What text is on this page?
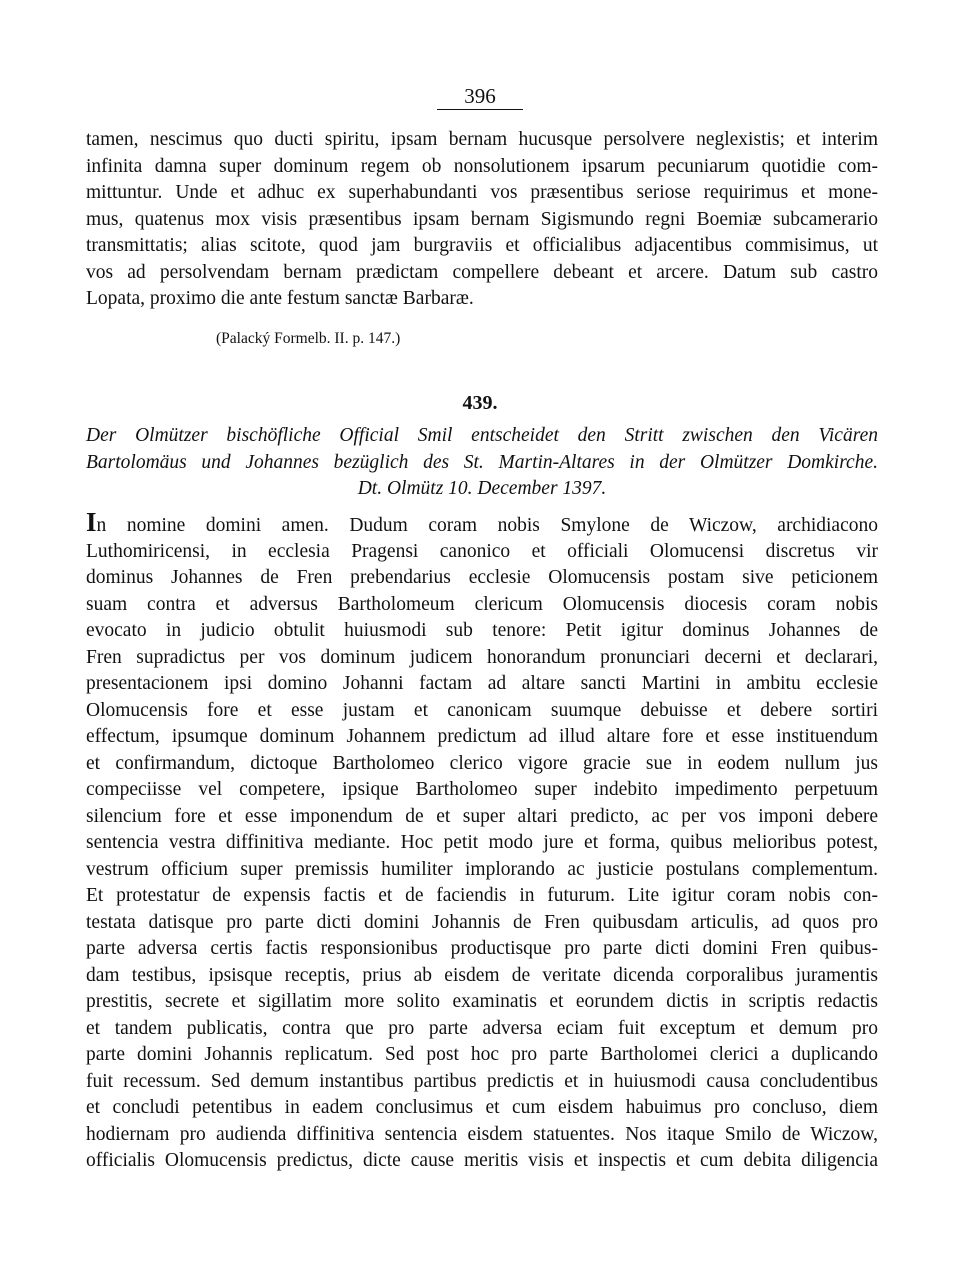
396
tamen, nescimus quo ducti spiritu, ipsam bernam hucusque persolvere neglexistis; et interim
infinita damna super dominum regem ob nonsolutionem ipsarum pecuniarum quotidie com-
mittuntur. Unde et adhuc ex superhabundanti vos præsentibus seriose requirimus et mone-
mus, quatenus mox visis præsentibus ipsam bernam Sigismundo regni Boemiæ subcamerario
transmittatis; alias scitote, quod jam burgraviis et officialibus adjacentibus commisimus, ut
vos ad persolvendam bernam prædictam compellere debeant et arcere. Datum sub castro
Lopata, proximo die ante festum sanctæ Barbaræ.
(Palacký Formelb. II. p. 147.)
439.
Der Olmützer bischöfliche Official Smil entscheidet den Stritt zwischen den Vicären
Bartolomäus und Johannes bezüglich des St. Martin-Altares in der Olmützer Domkirche.
Dt. Olmütz 10. December 1397.
In nomine domini amen. Dudum coram nobis Smylone de Wiczow, archidiacono
Luthomiricensi, in ecclesia Pragensi canonico et officiali Olomucensi discretus vir
dominus Johannes de Fren prebendarius ecclesie Olomucensis postam sive peticionem
suam contra et adversus Bartholomeum clericum Olomucensis diocesis coram nobis
evocato in judicio obtulit huiusmodi sub tenore: Petit igitur dominus Johannes de
Fren supradictus per vos dominum judicem honorandum pronunciari decerni et declarari,
presentacionem ipsi domino Johanni factam ad altare sancti Martini in ambitu ecclesie
Olomucensis fore et esse justam et canonicam suumque debuisse et debere sortiri
effectum, ipsumque dominum Johannem predictum ad illud altare fore et esse instituendum
et confirmandum, dictoque Bartholomeo clerico vigore gracie sue in eodem nullum jus
compeciisse vel competere, ipsique Bartholomeo super indebito impedimento perpetuum
silencium fore et esse imponendum de et super altari predicto, ac per vos imponi debere
sentencia vestra diffinitiva mediante. Hoc petit modo jure et forma, quibus melioribus potest,
vestrum officium super premissis humiliter implorando ac justicie postulans complementum.
Et protestatur de expensis factis et de faciendis in futurum. Lite igitur coram nobis con-
testata datisque pro parte dicti domini Johannis de Fren quibusdam articulis, ad quos pro
parte adversa certis factis responsionibus productisque pro parte dicti domini Fren quibus-
dam testibus, ipsisque receptis, prius ab eisdem de veritate dicenda corporalibus juramentis
prestitis, secrete et sigillatim more solito examinatis et eorundem dictis in scriptis redactis
et tandem publicatis, contra que pro parte adversa eciam fuit exceptum et demum pro
parte domini Johannis replicatum. Sed post hoc pro parte Bartholomei clerici a duplicando
fuit recessum. Sed demum instantibus partibus predictis et in huiusmodi causa concludentibus
et concludi petentibus in eadem conclusimus et cum eisdem habuimus pro concluso, diem
hodiernam pro audienda diffinitiva sentencia eisdem statuentes. Nos itaque Smilo de Wiczow,
officialis Olomucensis predictus, dicte cause meritis visis et inspectis et cum debita diligencia
